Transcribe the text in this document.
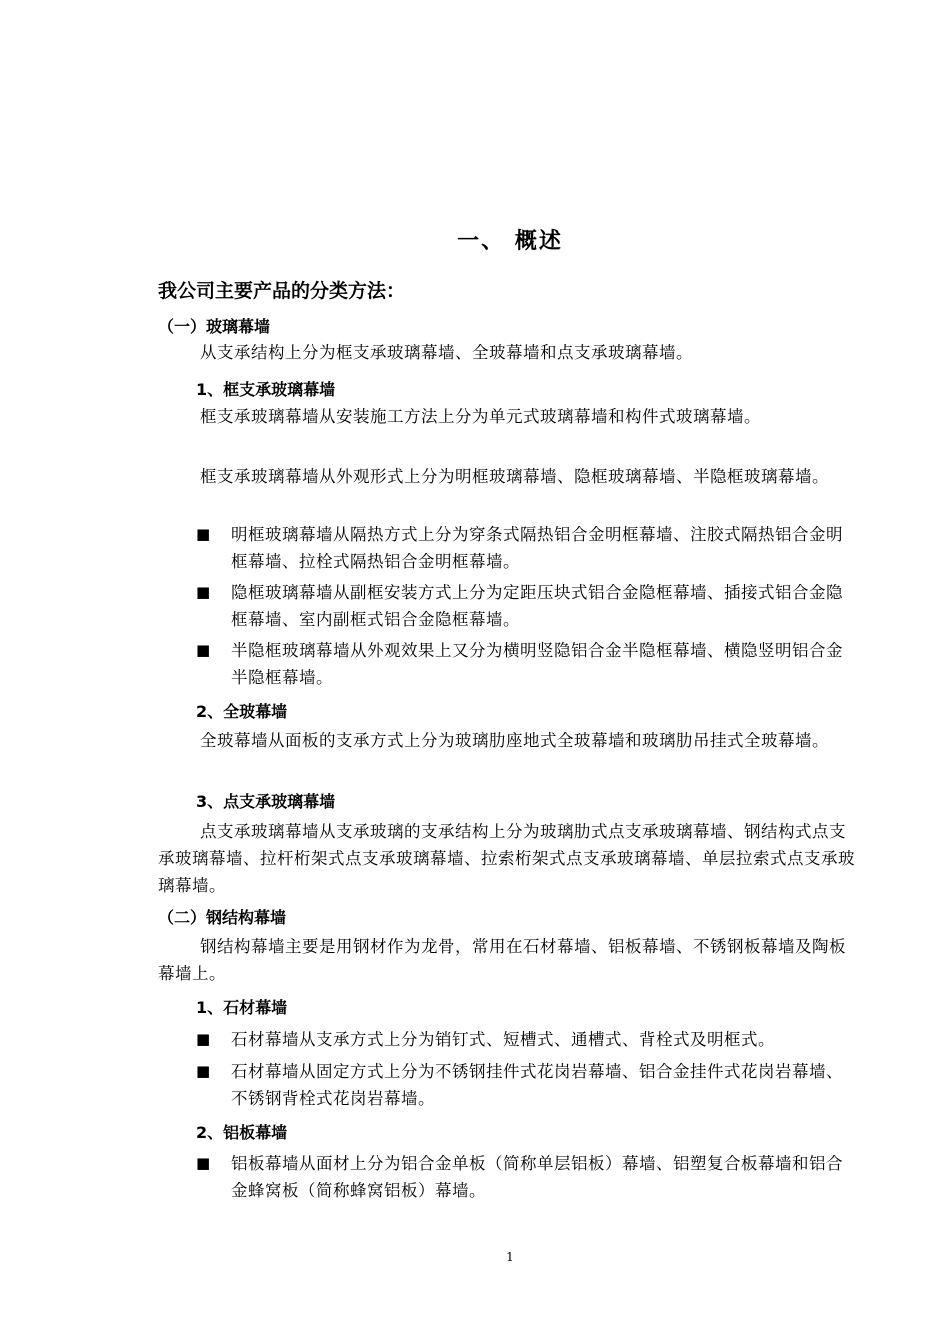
一、 概述
我公司主要产品的分类方法：
（一）玻璃幕墙
从支承结构上分为框支承玻璃幕墙、全玻幕墙和点支承玻璃幕墙。
1、框支承玻璃幕墙
框支承玻璃幕墙从安装施工方法上分为单元式玻璃幕墙和构件式玻璃幕墙。
框支承玻璃幕墙从外观形式上分为明框玻璃幕墙、隐框玻璃幕墙、半隐框玻璃幕墙。
■ 明框玻璃幕墙从隔热方式上分为穿条式隔热铝合金明框幕墙、注胶式隔热铝合金明框幕墙、拉栓式隔热铝合金明框幕墙。
■ 隐框玻璃幕墙从副框安装方式上分为定距压块式铝合金隐框幕墙、插接式铝合金隐框幕墙、室内副框式铝合金隐框幕墙。
■ 半隐框玻璃幕墙从外观效果上又分为横明竖隐铝合金半隐框幕墙、横隐竖明铝合金半隐框幕墙。
2、全玻幕墙
全玻幕墙从面板的支承方式上分为玻璃肋座地式全玻幕墙和玻璃肋吊挂式全玻幕墙。
3、点支承玻璃幕墙
点支承玻璃幕墙从支承玻璃的支承结构上分为玻璃肋式点支承玻璃幕墙、钢结构式点支承玻璃幕墙、拉杆桁架式点支承玻璃幕墙、拉索桁架式点支承玻璃幕墙、单层拉索式点支承玻璃幕墙。
（二）钢结构幕墙
钢结构幕墙主要是用钢材作为龙骨，常用在石材幕墙、铝板幕墙、不锈钢板幕墙及陶板幕墙上。
1、石材幕墙
■ 石材幕墙从支承方式上分为销钉式、短槽式、通槽式、背栓式及明框式。
■ 石材幕墙从固定方式上分为不锈钢挂件式花岗岩幕墙、铝合金挂件式花岗岩幕墙、不锈钢背栓式花岗岩幕墙。
2、铝板幕墙
■ 铝板幕墙从面材上分为铝合金单板（简称单层铝板）幕墙、铝塑复合板幕墙和铝合金蜂窝板（简称蜂窝铝板）幕墙。
1
